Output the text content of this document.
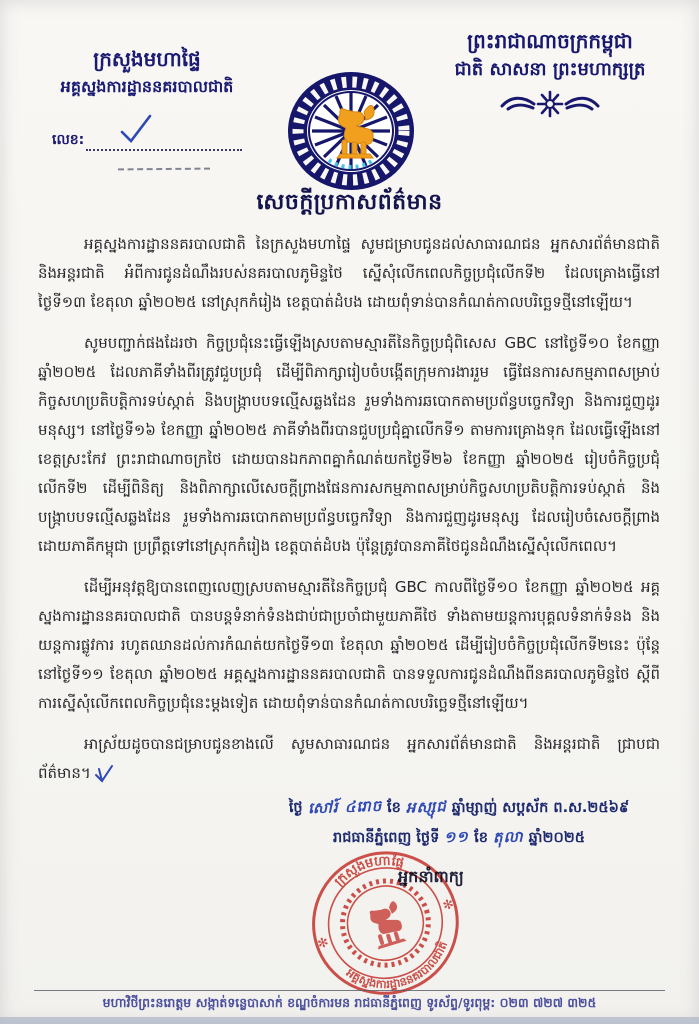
ក្រសួងមហាផ្ទៃ
អគ្គស្នងការដ្ឋាននគរបាលជាតិ
លេខ:
ព្រះរាជាណាចក្រកម្ពុជា
ជាតិ សាសនា ព្រះមហាក្សត្រ
សេចក្តីប្រកាសព័ត៌មាន

អគ្គស្នងការដ្ឋាននគរបាលជាតិ នៃក្រសួងមហាផ្ទៃ សូមជម្រាបជូនដល់សាធារណជន អ្នកសារព័ត៌មានជាតិ និងអន្តរជាតិ អំពីការជូនដំណឹងរបស់នគរបាលភូមិន្ទថៃ ស្នើសុំលើកពេលកិច្ចប្រជុំលើកទី២ ដែលគ្រោងធ្វើនៅថ្ងៃទី១៣ ខែតុលា ឆ្នាំ២០២៥ នៅស្រុកកំរៀង ខេត្តបាត់ដំបង ដោយពុំទាន់បានកំណត់កាលបរិច្ឆេទថ្មីនៅឡើយ។

សូមបញ្ជាក់ផងដែរថា កិច្ចប្រជុំនេះធ្វើឡើងស្របតាមស្មារតីនៃកិច្ចប្រជុំពិសេស GBC នៅថ្ងៃទី១០ ខែកញ្ញា ឆ្នាំ២០២៥ ដែលភាគីទាំងពីរត្រូវជួបប្រជុំ ដើម្បីពិភាក្សារៀបចំបង្កើតក្រុមការងាររួម ធ្វើផែនការសកម្មភាពសម្រាប់កិច្ចសហប្រតិបត្តិការទប់ស្កាត់ និងបង្ក្រាបបទល្មើសឆ្លងដែន រួមទាំងការឆបោកតាមប្រព័ន្ធបច្ចេកវិទ្យា និងការជួញដូរមនុស្ស។ នៅថ្ងៃទី១៦ ខែកញ្ញា ឆ្នាំ២០២៥ ភាគីទាំងពីរបានជួបប្រជុំគ្នាលើកទី១ តាមការគ្រោងទុក ដែលធ្វើឡើងនៅខេត្តស្រះកែវ ព្រះរាជាណាចក្រថៃ ដោយបានឯកភាពគ្នាកំណត់យកថ្ងៃទី២៦ ខែកញ្ញា ឆ្នាំ២០២៥ រៀបចំកិច្ចប្រជុំលើកទី២ ដើម្បីពិនិត្យ និងពិភាក្សាលើសេចក្តីព្រាងផែនការសកម្មភាពសម្រាប់កិច្ចសហប្រតិបត្តិការទប់ស្កាត់ និងបង្ក្រាបបទល្មើសឆ្លងដែន រួមទាំងការឆបោកតាមប្រព័ន្ធបច្ចេកវិទ្យា និងការជួញដូរមនុស្ស ដែលរៀបចំសេចក្តីព្រាងដោយភាគីកម្ពុជា ប្រព្រឹត្តទៅនៅស្រុកកំរៀង ខេត្តបាត់ដំបង ប៉ុន្តែត្រូវបានភាគីថៃជូនដំណឹងស្នើសុំលើកពេល។

ដើម្បីអនុវត្តឱ្យបានពេញលេញស្របតាមស្មារតីនៃកិច្ចប្រជុំ GBC កាលពីថ្ងៃទី១០ ខែកញ្ញា ឆ្នាំ២០២៥ អគ្គស្នងការដ្ឋាននគរបាលជាតិ បានបន្តទំនាក់ទំនងជាប់ជាប្រចាំជាមួយភាគីថៃ ទាំងតាមយន្តការបុគ្គលទំនាក់ទំនង និងយន្តការផ្លូវការ រហូតឈានដល់ការកំណត់យកថ្ងៃទី១៣ ខែតុលា ឆ្នាំ២០២៥ ដើម្បីរៀបចំកិច្ចប្រជុំលើកទី២នេះ ប៉ុន្តែនៅថ្ងៃទី១១ ខែតុលា ឆ្នាំ២០២៥ អគ្គស្នងការដ្ឋាននគរបាលជាតិ បានទទួលការជូនដំណឹងពីនគរបាលភូមិន្ទថៃ ស្តីពីការស្នើសុំលើកពេលកិច្ចប្រជុំនេះម្តងទៀត ដោយពុំទាន់បានកំណត់កាលបរិច្ឆេទថ្មីនៅឡើយ។

អាស្រ័យដូចបានជម្រាបជូនខាងលើ សូមសាធារណជន អ្នកសារព័ត៌មានជាតិ និងអន្តរជាតិ ជ្រាបជាព័ត៌មាន។

ថ្ងៃ សៅរ៍ ៤រោច ខែ អស្សុជ ឆ្នាំម្សាញ់ សប្តស័ក ព.ស.២៥៦៩
រាជធានីភ្នំពេញ ថ្ងៃទី ១១ ខែ តុលា ឆ្នាំ២០២៥
អ្នកនាំពាក្យ
ក្រសួងមហាផ្ទៃ
អគ្គស្នងការដ្ឋាននគរបាលជាតិ
✻
✻
មហាវិថីព្រះនរោត្តម សង្កាត់ទន្លេបាសាក់ ខណ្ឌចំការមន រាជធានីភ្នំពេញ ទូរស័ព្ទ/ទូរពុម្ព: ០២៣ ៧២៧ ៣២៥
